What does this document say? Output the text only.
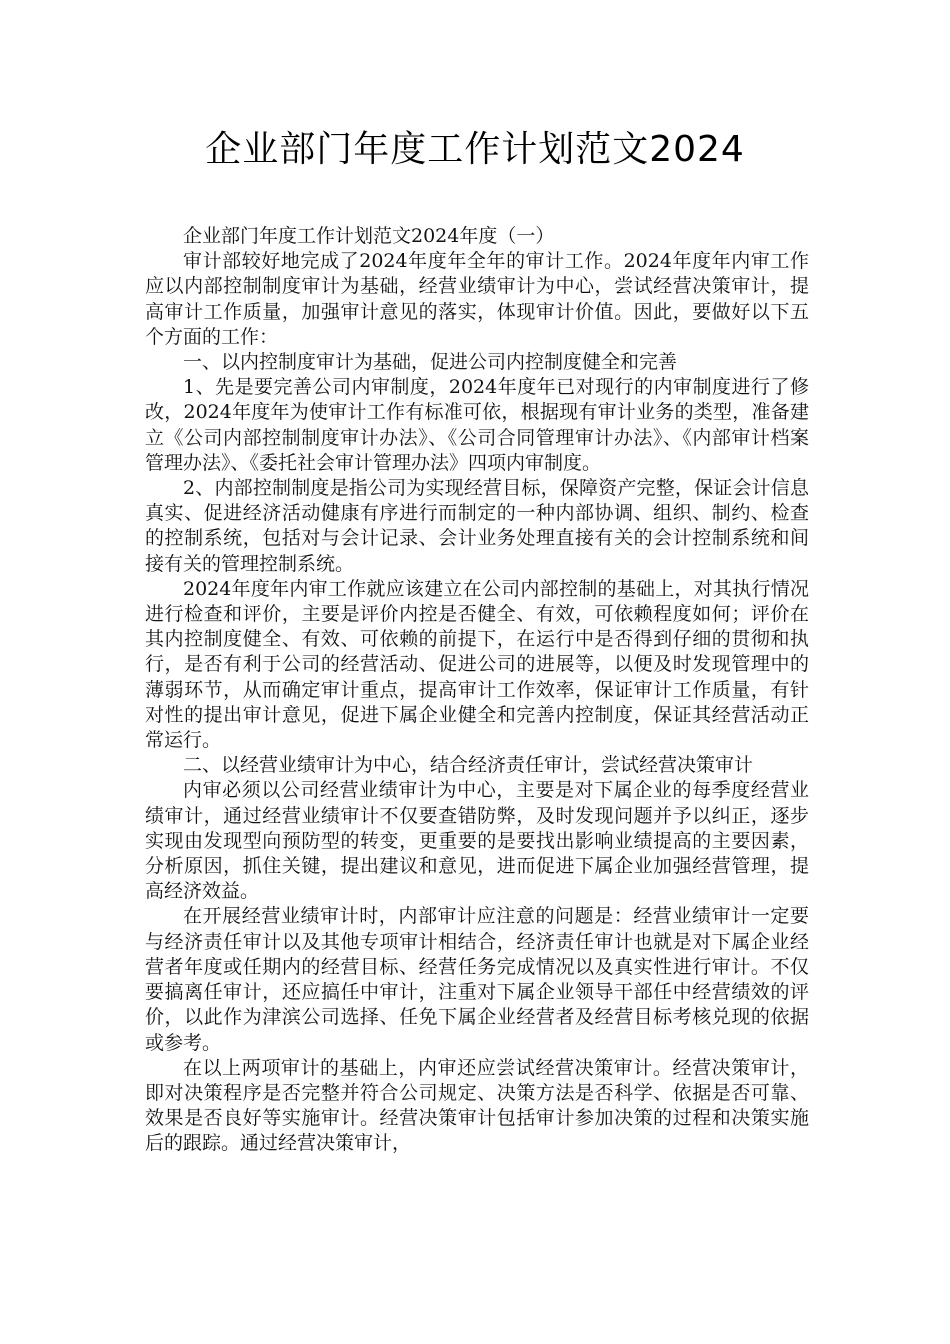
企业部门年度工作计划范文2024

企业部门年度工作计划范文2024年度（一）

审计部较好地完成了2024年度年全年的审计工作。2024年度年内审工作应以内部控制制度审计为基础，经营业绩审计为中心，尝试经营决策审计，提高审计工作质量，加强审计意见的落实，体现审计价值。因此，要做好以下五个方面的工作：

一、以内控制度审计为基础，促进公司内控制度健全和完善

1、先是要完善公司内审制度，2024年度年已对现行的内审制度进行了修改，2024年度年为使审计工作有标准可依，根据现有审计业务的类型，准备建立《公司内部控制制度审计办法》、《公司合同管理审计办法》、《内部审计档案管理办法》、《委托社会审计管理办法》四项内审制度。

2、内部控制制度是指公司为实现经营目标，保障资产完整，保证会计信息真实、促进经济活动健康有序进行而制定的一种内部协调、组织、制约、检查的控制系统，包括对与会计记录、会计业务处理直接有关的会计控制系统和间接有关的管理控制系统。

2024年度年内审工作就应该建立在公司内部控制的基础上，对其执行情况进行检查和评价，主要是评价内控是否健全、有效，可依赖程度如何；评价在其内控制度健全、有效、可依赖的前提下，在运行中是否得到仔细的贯彻和执行，是否有利于公司的经营活动、促进公司的进展等，以便及时发现管理中的薄弱环节，从而确定审计重点，提高审计工作效率，保证审计工作质量，有针对性的提出审计意见，促进下属企业健全和完善内控制度，保证其经营活动正常运行。

二、以经营业绩审计为中心，结合经济责任审计，尝试经营决策审计

内审必须以公司经营业绩审计为中心，主要是对下属企业的每季度经营业绩审计，通过经营业绩审计不仅要查错防弊，及时发现问题并予以纠正，逐步实现由发现型向预防型的转变，更重要的是要找出影响业绩提高的主要因素，分析原因，抓住关键，提出建议和意见，进而促进下属企业加强经营管理，提高经济效益。

在开展经营业绩审计时，内部审计应注意的问题是：经营业绩审计一定要与经济责任审计以及其他专项审计相结合，经济责任审计也就是对下属企业经营者年度或任期内的经营目标、经营任务完成情况以及真实性进行审计。不仅要搞离任审计，还应搞任中审计，注重对下属企业领导干部任中经营绩效的评价，以此作为津滨公司选择、任免下属企业经营者及经营目标考核兑现的依据或参考。

在以上两项审计的基础上，内审还应尝试经营决策审计。经营决策审计，即对决策程序是否完整并符合公司规定、决策方法是否科学、依据是否可靠、效果是否良好等实施审计。经营决策审计包括审计参加决策的过程和决策实施后的跟踪。通过经营决策审计，
